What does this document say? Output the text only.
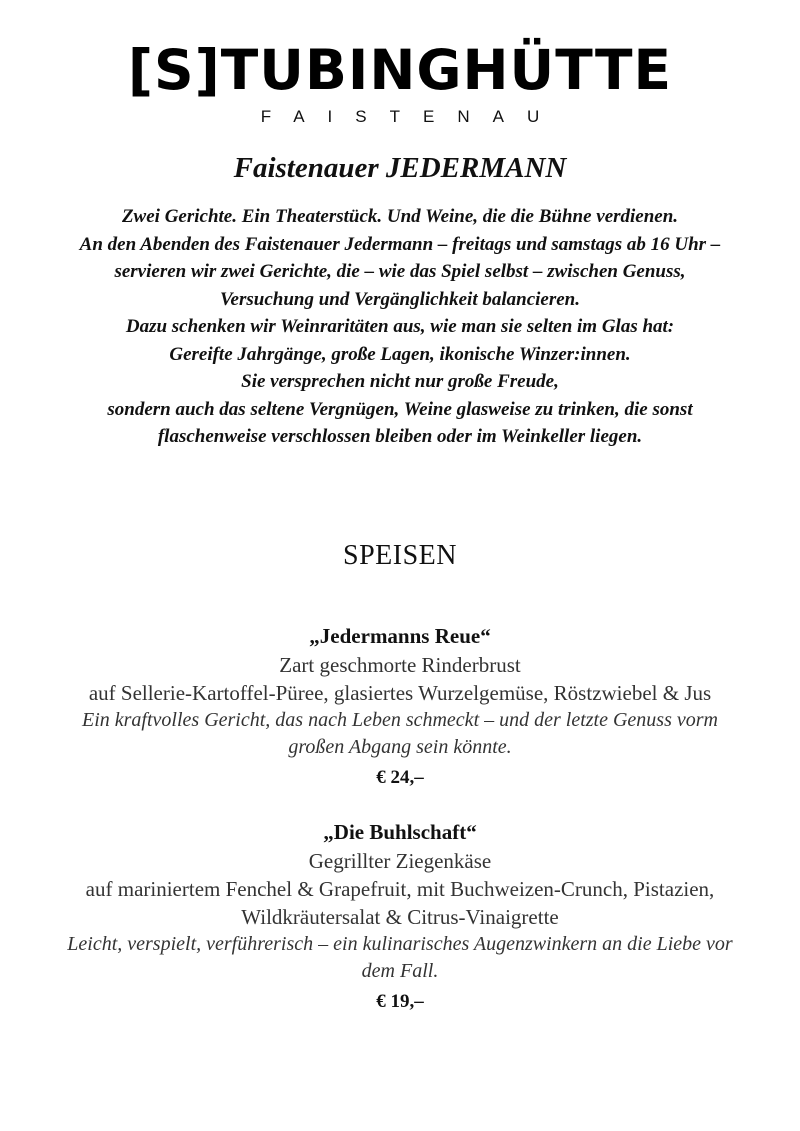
[S]TUBINGHÜTTE
FAISTENAU
Faistenauer JEDERMANN
Zwei Gerichte. Ein Theaterstück. Und Weine, die die Bühne verdienen.
An den Abenden des Faistenauer Jedermann – freitags und samstags ab 16 Uhr –
servieren wir zwei Gerichte, die – wie das Spiel selbst – zwischen Genuss,
Versuchung und Vergänglichkeit balancieren.
Dazu schenken wir Weinraritäten aus, wie man sie selten im Glas hat:
Gereifte Jahrgänge, große Lagen, ikonische Winzer:innen.
Sie versprechen nicht nur große Freude,
sondern auch das seltene Vergnügen, Weine glasweise zu trinken, die sonst
flaschenweise verschlossen bleiben oder im Weinkeller liegen.
SPEISEN
„Jedermanns Reue“
Zart geschmorte Rinderbrust
auf Sellerie-Kartoffel-Püree, glasiertes Wurzelgemüse, Röstzwiebel & Jus
Ein kraftvolles Gericht, das nach Leben schmeckt – und der letzte Genuss vorm
großen Abgang sein könnte.
€ 24,–
„Die Buhlschaft“
Gegrillter Ziegenkäse
auf mariniertem Fenchel & Grapefruit, mit Buchweizen-Crunch, Pistazien,
Wildkräutersalat & Citrus-Vinaigrette
Leicht, verspielt, verführerisch – ein kulinarisches Augenzwinkern an die Liebe vor
dem Fall.
€ 19,–
